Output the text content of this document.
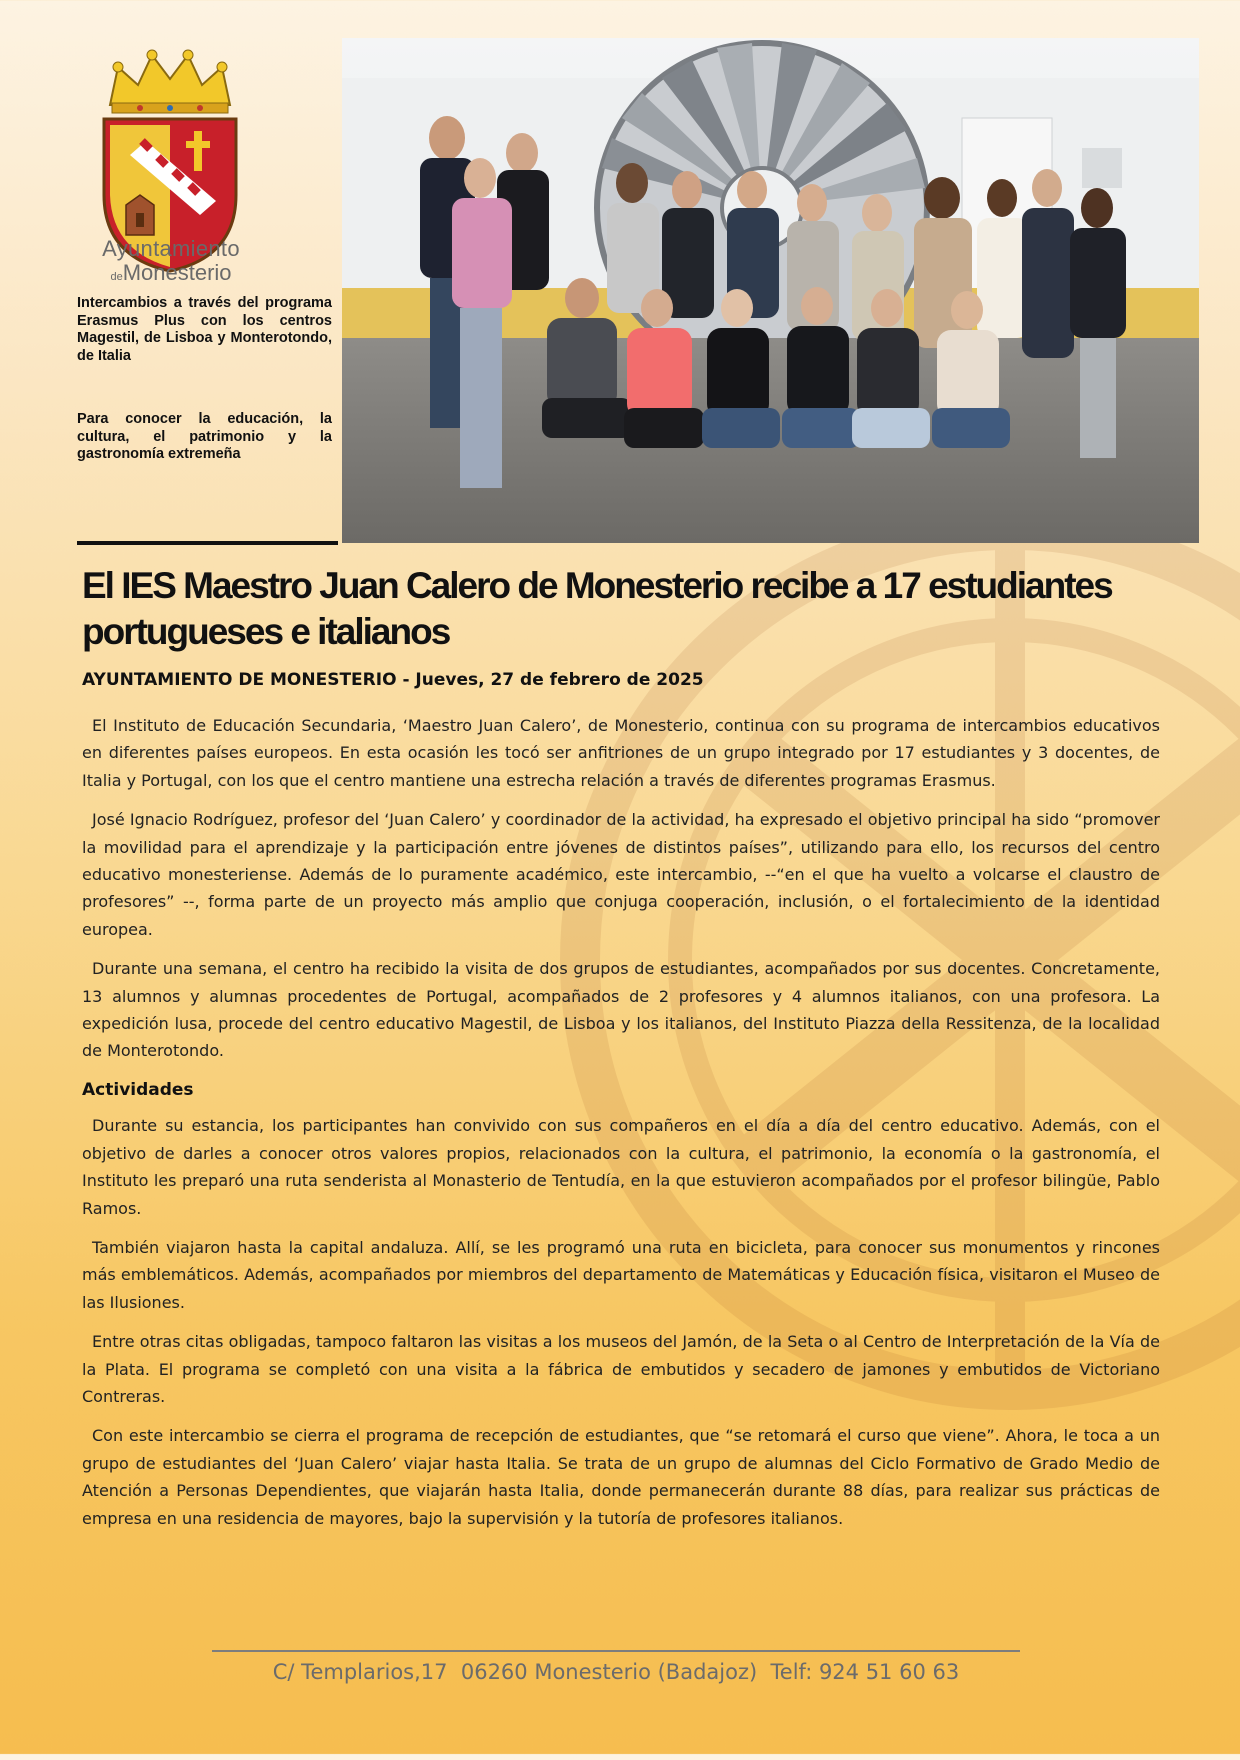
Ayuntamiento
deMonesterio
Intercambios a través del programa Erasmus Plus con los centros Magestil, de Lisboa y Monterotondo, de Italia
Para conocer la educación, la cultura, el patrimonio y la gastronomía extremeña
El IES Maestro Juan Calero de Monesterio recibe a 17 estudiantes portugueses e italianos

AYUNTAMIENTO DE MONESTERIO - Jueves, 27 de febrero de 2025

El Instituto de Educación Secundaria, ‘Maestro Juan Calero’, de Monesterio, continua con su programa de intercambios educativos en diferentes países europeos. En esta ocasión les tocó ser anfitriones de un grupo integrado por 17 estudiantes y 3 docentes, de Italia y Portugal, con los que el centro mantiene una estrecha relación a través de diferentes programas Erasmus.

José Ignacio Rodríguez, profesor del ‘Juan Calero’ y coordinador de la actividad, ha expresado el objetivo principal ha sido “promover la movilidad para el aprendizaje y la participación entre jóvenes de distintos países”, utilizando para ello, los recursos del centro educativo monesteriense. Además de lo puramente académico, este intercambio, --“en el que ha vuelto a volcarse el claustro de profesores” --, forma parte de un proyecto más amplio que conjuga cooperación, inclusión, o el fortalecimiento de la identidad europea.

Durante una semana, el centro ha recibido la visita de dos grupos de estudiantes, acompañados por sus docentes. Concretamente, 13 alumnos y alumnas procedentes de Portugal, acompañados de 2 profesores y 4 alumnos italianos, con una profesora. La expedición lusa, procede del centro educativo Magestil, de Lisboa y los italianos, del Instituto Piazza della Ressitenza, de la localidad de Monterotondo.

Actividades

Durante su estancia, los participantes han convivido con sus compañeros en el día a día del centro educativo. Además, con el objetivo de darles a conocer otros valores propios, relacionados con la cultura, el patrimonio, la economía o la gastronomía, el Instituto les preparó una ruta senderista al Monasterio de Tentudía, en la que estuvieron acompañados por el profesor bilingüe, Pablo Ramos.

También viajaron hasta la capital andaluza. Allí, se les programó una ruta en bicicleta, para conocer sus monumentos y rincones más emblemáticos. Además, acompañados por miembros del departamento de Matemáticas y Educación física, visitaron el Museo de las Ilusiones.

Entre otras citas obligadas, tampoco faltaron las visitas a los museos del Jamón, de la Seta o al Centro de Interpretación de la Vía de la Plata. El programa se completó con una visita a la fábrica de embutidos y secadero de jamones y embutidos de Victoriano Contreras.

Con este intercambio se cierra el programa de recepción de estudiantes, que “se retomará el curso que viene”. Ahora, le toca a un grupo de estudiantes del ‘Juan Calero’ viajar hasta Italia. Se trata de un grupo de alumnas del Ciclo Formativo de Grado Medio de Atención a Personas Dependientes, que viajarán hasta Italia, donde permanecerán durante 88 días, para realizar sus prácticas de empresa en una residencia de mayores, bajo la supervisión y la tutoría de profesores italianos.

C/ Templarios,17  06260 Monesterio (Badajoz)  Telf: 924 51 60 63
